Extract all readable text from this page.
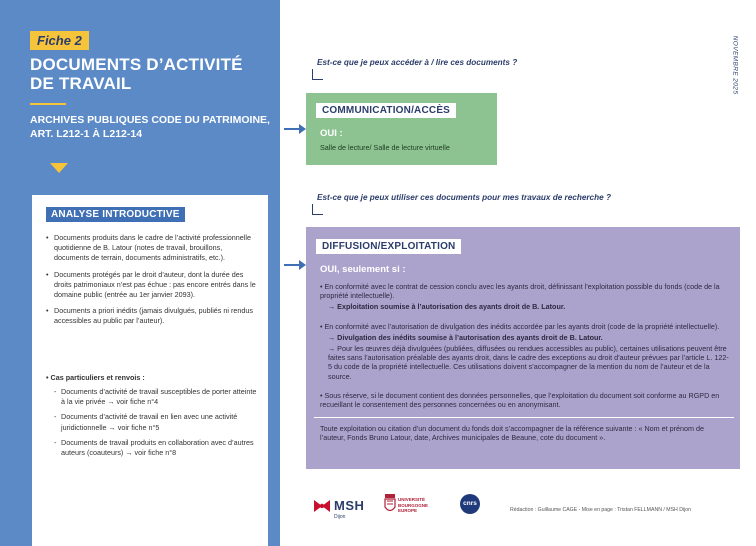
Fiche 2
DOCUMENTS D’ACTIVITÉ DE TRAVAIL
ARCHIVES PUBLIQUES CODE DU PATRIMOINE, ART. L212-1 À L212-14
ANALYSE INTRODUCTIVE
• Documents produits dans le cadre de l’activité professionnelle quotidienne de B. Latour (notes de travail, brouillons, documents de terrain, documents administratifs, etc.).
• Documents protégés par le droit d’auteur, dont la durée des droits patrimoniaux n’est pas échue : pas encore entrés dans le domaine public (entrée au 1er janvier 2093).
• Documents a priori inédits (jamais divulgués, publiés ni rendus accessibles au public par l’auteur).
• Cas particuliers et renvois :
- Documents d’activité de travail susceptibles de porter atteinte à la vie privée → voir fiche n°4
- Documents d’activité de travail en lien avec une activité juridictionnelle → voir fiche n°5
- Documents de travail produits en collaboration avec d’autres auteurs (coauteurs) → voir fiche n°8
NOVEMBRE 2025
Est-ce que je peux accéder à / lire ces documents ?
COMMUNICATION/ACCÈS
OUI :
Salle de lecture/ Salle de lecture virtuelle
Est-ce que je peux utiliser ces documents pour mes travaux de recherche ?
DIFFUSION/EXPLOITATION
OUI, seulement si :

• En conformité avec le contrat de cession conclu avec les ayants droit, définissant l’exploitation possible du fonds (code de la propriété intellectuelle).

→ Exploitation soumise à l’autorisation des ayants droit de B. Latour.

• En conformité avec l’autorisation de divulgation des inédits accordée par les ayants droit (code de la propriété intellectuelle).

→ Divulgation des inédits soumise à l’autorisation des ayants droit de B. Latour.

→ Pour les œuvres déjà divulguées (publiées, diffusées ou rendues accessibles au public), certaines utilisations peuvent être faites sans l’autorisation préalable des ayants droit, dans le cadre des exceptions au droit d’auteur prévues par l’article L. 122-5 du code de la propriété intellectuelle. Ces utilisations doivent s’accompagner de la mention du nom de l’auteur et de la source.

• Sous réserve, si le document contient des données personnelles, que l’exploitation du document soit conforme au RGPD en recueillant le consentement des personnes concernées ou en anonymisant.

Toute exploitation ou citation d’un document du fonds doit s’accompagner de la référence suivante : « Nom et prénom de l’auteur, Fonds Bruno Latour, date, Archives municipales de Beaune, cote du document ».

MSH
Dijon
UNIVERSITÉ BOURGOGNE EUROPE
cnrs
Rédaction : Guillaume CAGE - Mise en page : Tristan FELLMANN / MSH Dijon
